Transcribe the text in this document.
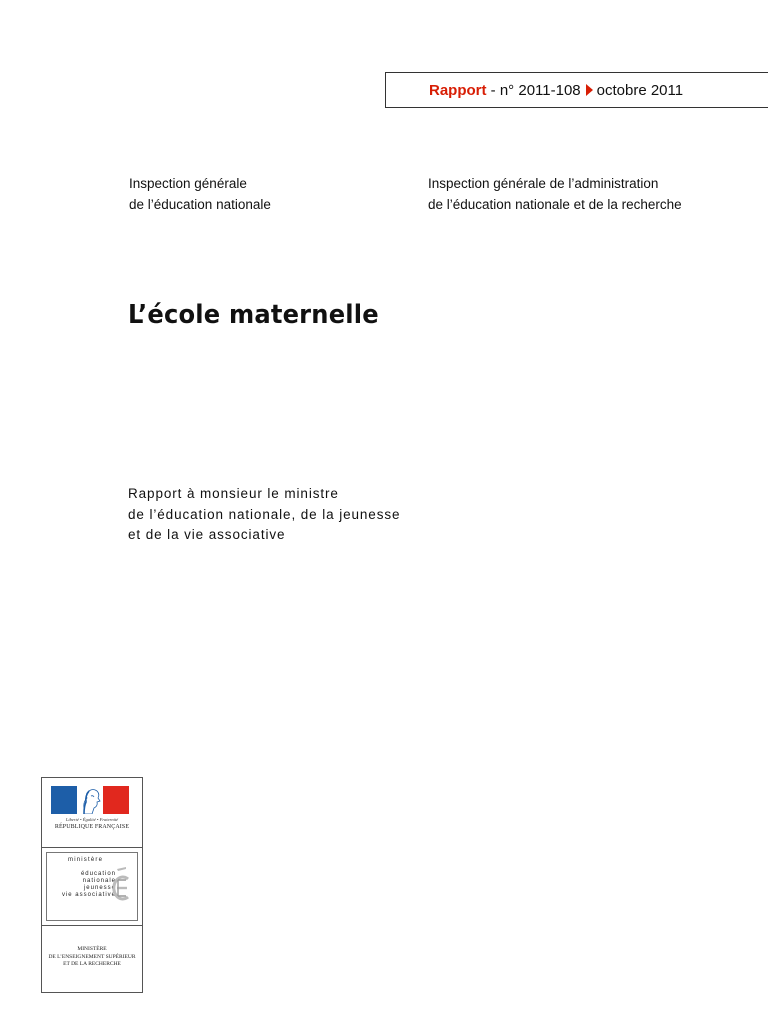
Rapport - n° 2011-108 octobre 2011
Inspection générale
de l’éducation nationale
Inspection générale de l’administration
de l’éducation nationale et de la recherche
L’école maternelle
Rapport à monsieur le ministre
de l’éducation nationale, de la jeunesse
et de la vie associative
Liberté • Égalité • Fraternité
RÉPUBLIQUE FRANÇAISE
ministère
éducation
nationale
jeunesse
vie associative
MINISTÈRE
DE L’ENSEIGNEMENT SUPÉRIEUR
ET DE LA RECHERCHE
